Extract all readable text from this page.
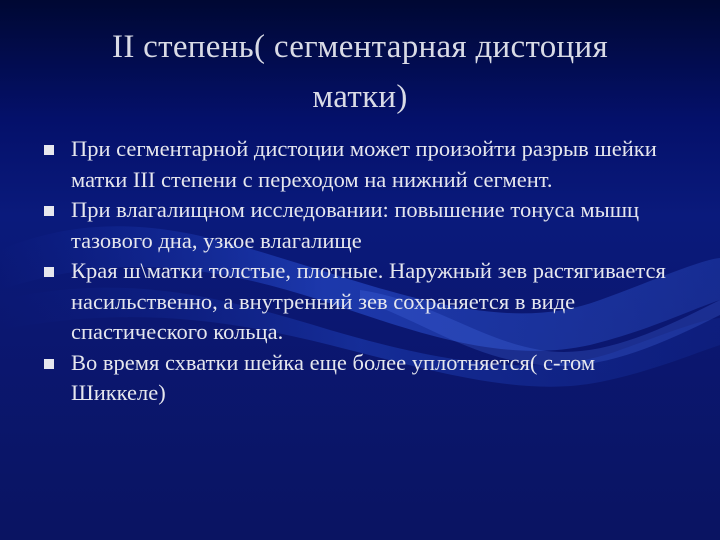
II степень( сегментарная дистоция матки)
При сегментарной дистоции может произойти разрыв шейки матки III степени с переходом на нижний сегмент.
При влагалищном исследовании: повышение тонуса мышц тазового дна, узкое влагалище
Края ш\матки толстые, плотные. Наружный зев растягивается насильственно, а внутренний зев сохраняется в виде спастического кольца.
Во время схватки шейка еще более уплотняется( с-том Шиккеле)
